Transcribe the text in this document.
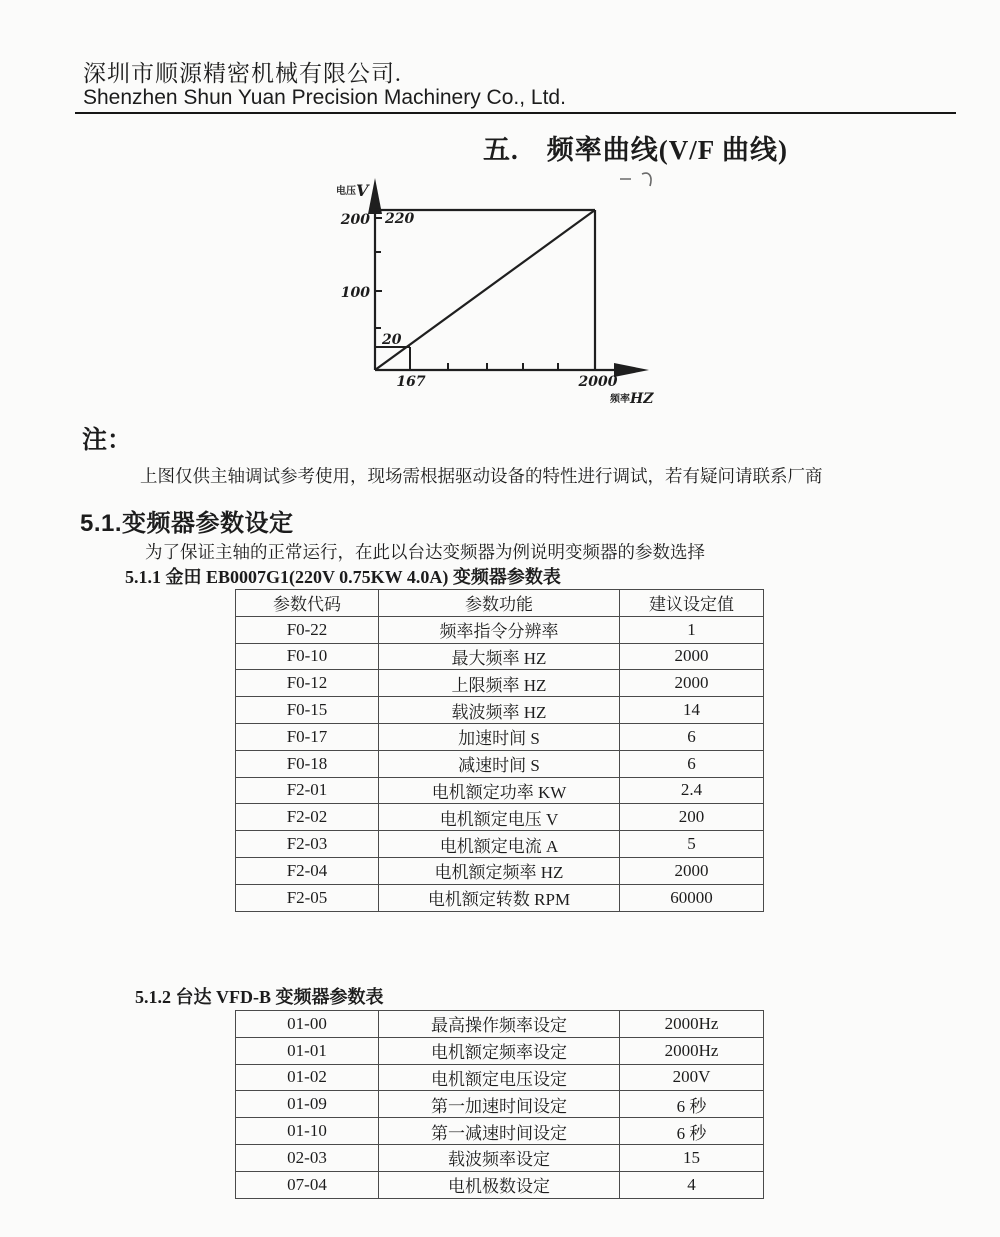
深圳市顺源精密机械有限公司.
Shenzhen Shun Yuan Precision Machinery Co., Ltd.
五. 频率曲线(V/F 曲线)
电压 V
200 220
100
20
167	2000
频率 HZ
注：
上图仅供主轴调试参考使用，现场需根据驱动设备的特性进行调试，若有疑问请联系厂商
5.1.变频器参数设定
为了保证主轴的正常运行，在此以台达变频器为例说明变频器的参数选择
5.1.1 金田 EB0007G1(220V 0.75KW 4.0A) 变频器参数表
参数代码	参数功能	建议设定值
F0-22	频率指令分辨率	1
F0-10	最大频率 HZ	2000
F0-12	上限频率 HZ	2000
F0-15	载波频率 HZ	14
F0-17	加速时间 S	6
F0-18	减速时间 S	6
F2-01	电机额定功率 KW	2.4
F2-02	电机额定电压 V	200
F2-03	电机额定电流 A	5
F2-04	电机额定频率 HZ	2000
F2-05	电机额定转数 RPM	60000
5.1.2 台达 VFD-B 变频器参数表
01-00	最高操作频率设定	2000Hz
01-01	电机额定频率设定	2000Hz
01-02	电机额定电压设定	200V
01-09	第一加速时间设定	6 秒
01-10	第一减速时间设定	6 秒
02-03	载波频率设定	15
07-04	电机极数设定	4
